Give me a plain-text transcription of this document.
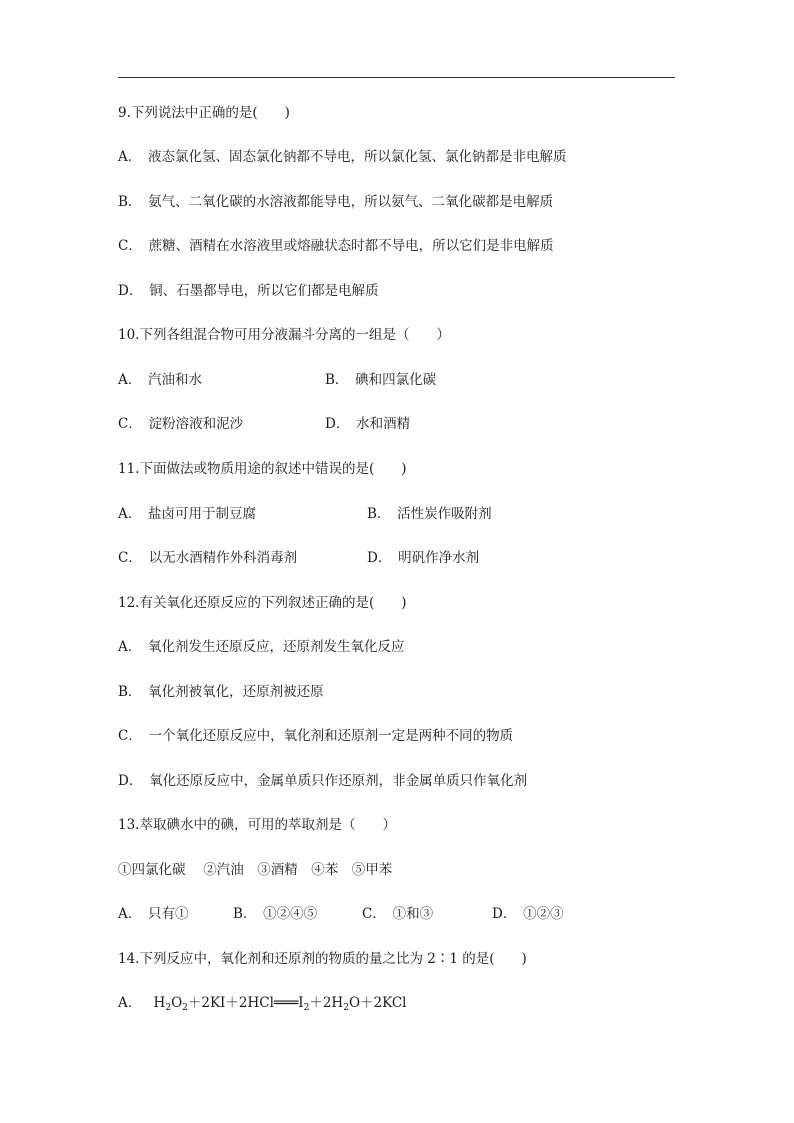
9.下列说法中正确的是(　　)
A．　液态氯化氢、固态氯化钠都不导电，所以氯化氢、氯化钠都是非电解质
B．　氨气、二氧化碳的水溶液都能导电，所以氨气、二氧化碳都是电解质
C．　蔗糖、酒精在水溶液里或熔融状态时都不导电，所以它们是非电解质
D．　铜、石墨都导电，所以它们都是电解质
10.下列各组混合物可用分液漏斗分离的一组是（　　）
A．　汽油和水	B．　碘和四氯化碳
C．　淀粉溶液和泥沙	D．　水和酒精
11.下面做法或物质用途的叙述中错误的是(　　)
A．　盐卤可用于制豆腐	B．　活性炭作吸附剂
C．　以无水酒精作外科消毒剂	D．　明矾作净水剂
12.有关氧化还原反应的下列叙述正确的是(　　)
A．　氧化剂发生还原反应，还原剂发生氧化反应
B．　氧化剂被氧化，还原剂被还原
C．　一个氧化还原反应中，氧化剂和还原剂一定是两种不同的物质
D．　氧化还原反应中，金属单质只作还原剂，非金属单质只作氧化剂
13.萃取碘水中的碘，可用的萃取剂是（　　）
①四氯化碳　 ②汽油　③酒精　④苯　⑤甲苯
A．　只有①	B．　①②④⑤	C．　①和③	D．　①②③
14.下列反应中，氧化剂和还原剂的物质的量之比为 2∶1 的是(　　)
A． $H_2O_2+2KI+2HCl═══I_2+2H_2O+2KCl$
